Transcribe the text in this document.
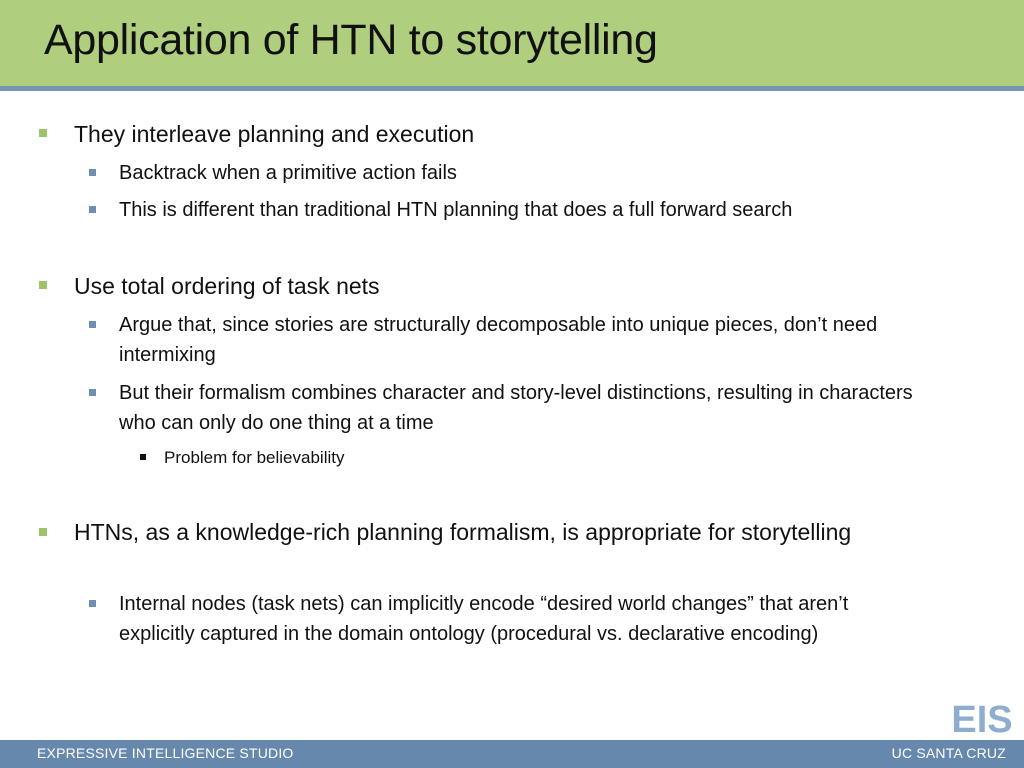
Application of HTN to storytelling
They interleave planning and execution
Backtrack when a primitive action fails
This is different than traditional HTN planning that does a full forward search
Use total ordering of task nets
Argue that, since stories are structurally decomposable into unique pieces, don’t need intermixing
But their formalism combines character and story-level distinctions, resulting in characters who can only do one thing at a time
Problem for believability
HTNs, as a knowledge-rich planning formalism, is appropriate for storytelling
Internal nodes (task nets) can implicitly encode “desired world changes” that aren’t explicitly captured in the domain ontology (procedural vs. declarative encoding)
EIS
EXPRESSIVE INTELLIGENCE STUDIO	UC SANTA CRUZ
